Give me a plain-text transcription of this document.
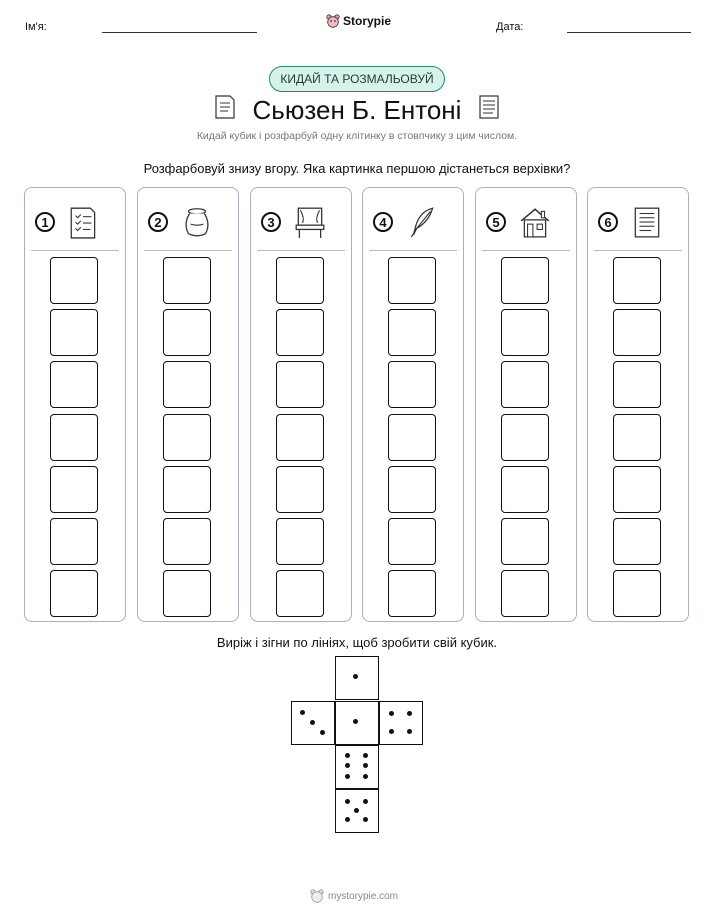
Ім'я:	Storypie	Дата:
КИДАЙ ТА РОЗМАЛЬОВУЙ
Сьюзен Б. Ентоні
Кидай кубик і розфарбуй одну клітинку в стовпчику з цим числом.
Розфарбовуй знизу вгору. Яка картинка першою дістанеться верхівки?
1	2	3	4	5	6
Виріж і зігни по лініях, щоб зробити свій кубик.
mystorypie.com
